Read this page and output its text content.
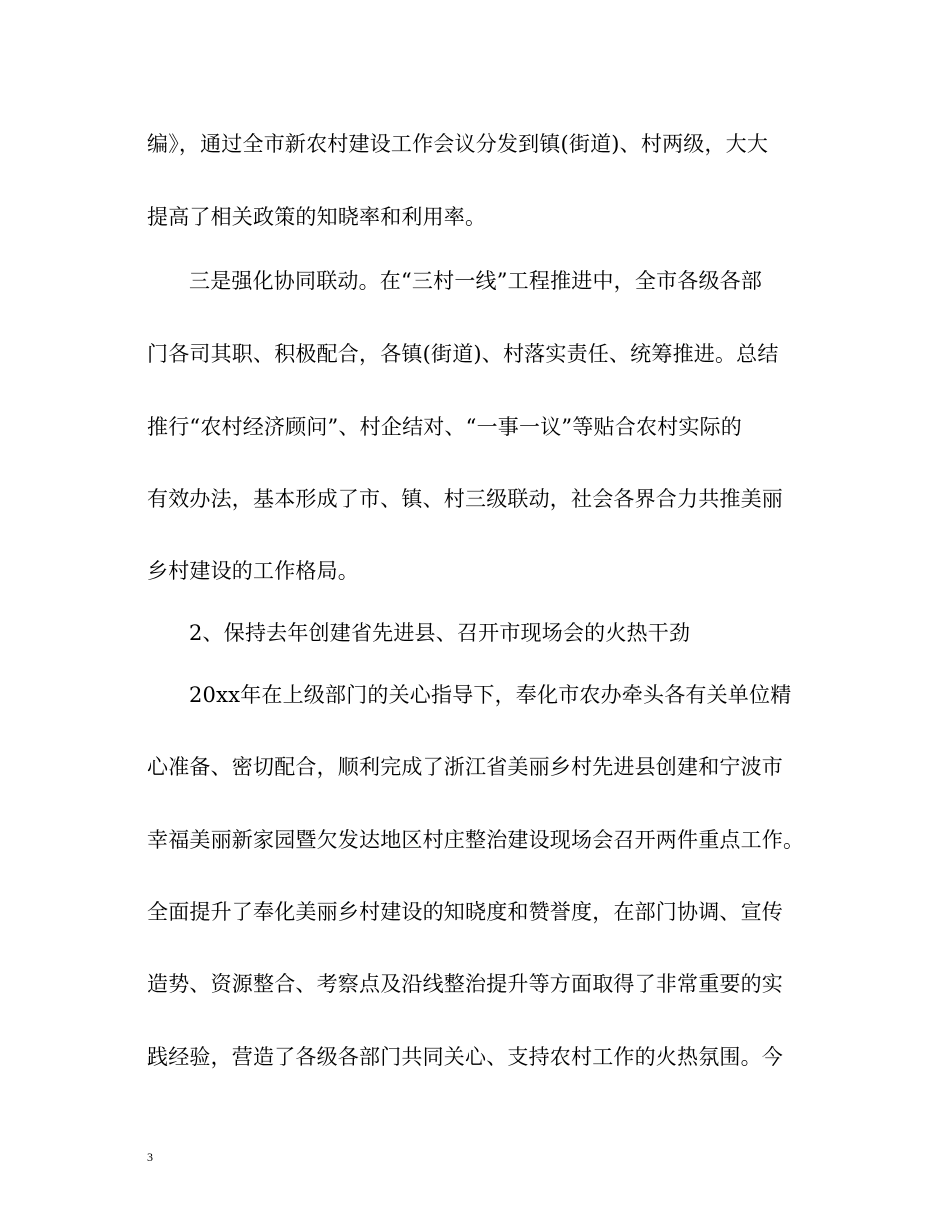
编》，通过全市新农村建设工作会议分发到镇(街道)、村两级，大大
提高了相关政策的知晓率和利用率。
三是强化协同联动。在“三村一线”工程推进中，全市各级各部
门各司其职、积极配合，各镇(街道)、村落实责任、统筹推进。总结
推行“农村经济顾问”、村企结对、“一事一议”等贴合农村实际的
有效办法，基本形成了市、镇、村三级联动，社会各界合力共推美丽
乡村建设的工作格局。
2、保持去年创建省先进县、召开市现场会的火热干劲
20xx年在上级部门的关心指导下，奉化市农办牵头各有关单位精
心准备、密切配合，顺利完成了浙江省美丽乡村先进县创建和宁波市
幸福美丽新家园暨欠发达地区村庄整治建设现场会召开两件重点工作。
全面提升了奉化美丽乡村建设的知晓度和赞誉度，在部门协调、宣传
造势、资源整合、考察点及沿线整治提升等方面取得了非常重要的实
践经验，营造了各级各部门共同关心、支持农村工作的火热氛围。今
3
